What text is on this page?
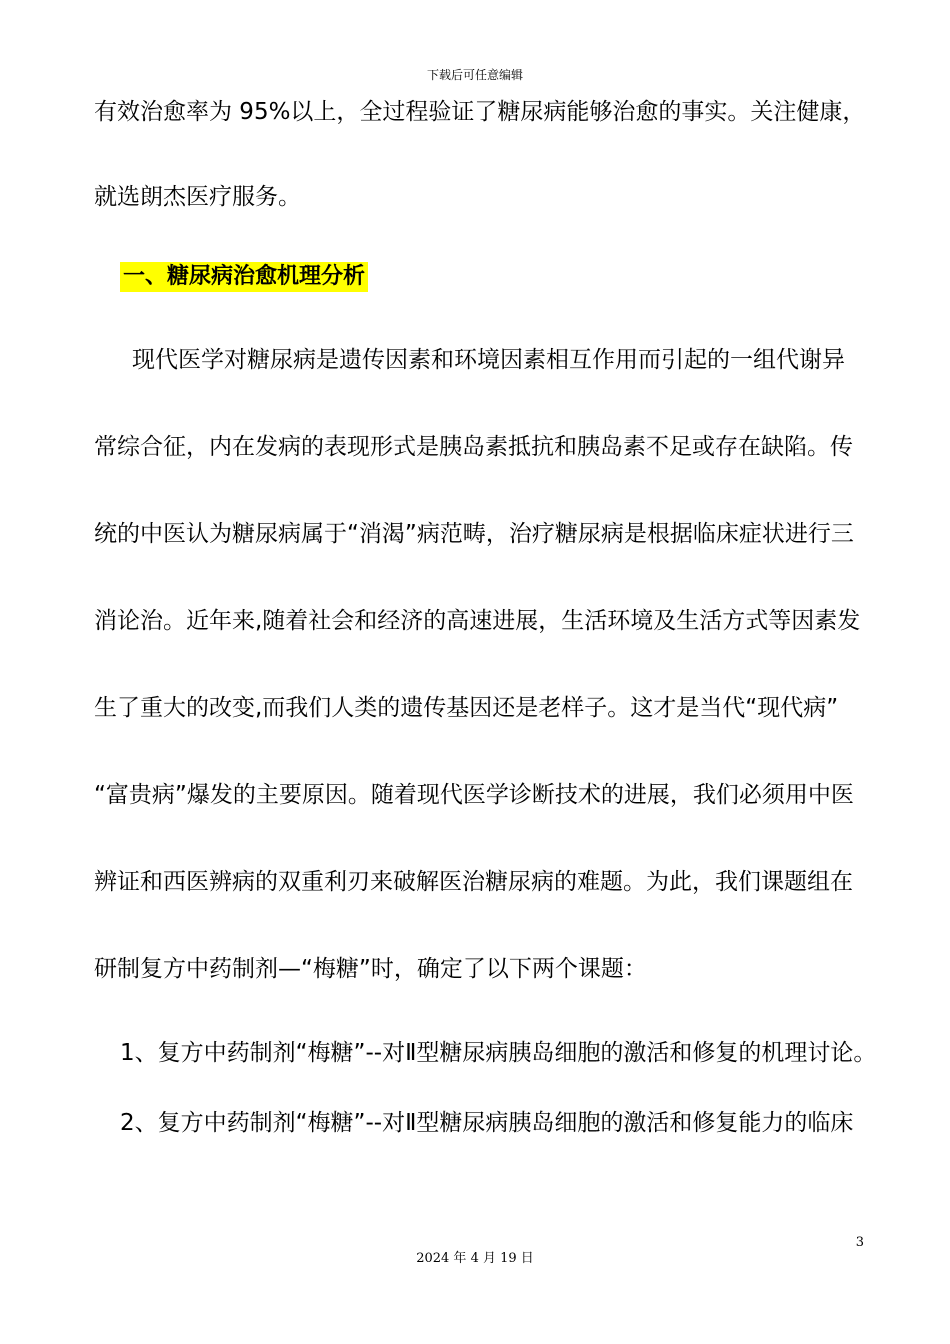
下载后可任意编辑
有效治愈率为 95%以上，全过程验证了糖尿病能够治愈的事实。关注健康，
就选朗杰医疗服务。
一、糖尿病治愈机理分析
现代医学对糖尿病是遗传因素和环境因素相互作用而引起的一组代谢异
常综合征，内在发病的表现形式是胰岛素抵抗和胰岛素不足或存在缺陷。传
统的中医认为糖尿病属于“消渴”病范畴，治疗糖尿病是根据临床症状进行三
消论治。近年来,随着社会和经济的高速进展，生活环境及生活方式等因素发
生了重大的改变,而我们人类的遗传基因还是老样子。这才是当代“现代病”
“富贵病”爆发的主要原因。随着现代医学诊断技术的进展，我们必须用中医
辨证和西医辨病的双重利刃来破解医治糖尿病的难题。为此，我们课题组在
研制复方中药制剂—“梅糖”时，确定了以下两个课题：
1、复方中药制剂“梅糖”--对Ⅱ型糖尿病胰岛细胞的激活和修复的机理讨论。
2、复方中药制剂“梅糖”--对Ⅱ型糖尿病胰岛细胞的激活和修复能力的临床
3
2024 年 4 月 19 日
